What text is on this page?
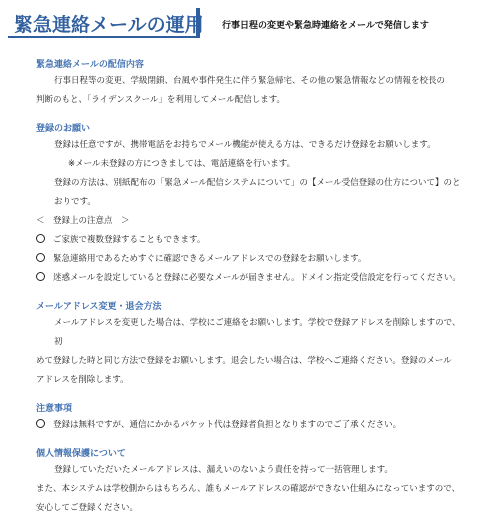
緊急連絡メールの運用 行事日程の変更や緊急時連絡をメールで発信します

緊急連絡メールの配信内容

行事日程等の変更、学級閉鎖、台風や事件発生に伴う緊急帰宅、その他の緊急情報などの情報を校長の

判断のもと、「ライデンスクール」を利用してメール配信します。

登録のお願い

登録は任意ですが、携帯電話をお持ちでメール機能が使える方は、できるだけ登録をお願いします。

※メール未登録の方につきましては、電話連絡を行います。

登録の方法は、別紙配布の「緊急メール配信システムについて」の【メール受信登録の仕方について】のと

おりです。

＜　登録上の注意点　＞

ご家族で複数登録することもできます。
緊急連絡用であるためすぐに確認できるメールアドレスでの登録をお願いします。
迷惑メールを設定していると登録に必要なメールが届きません。ドメイン指定受信設定を行ってください。

メールアドレス変更・退会方法

メールアドレスを変更した場合は、学校にご連絡をお願いします。学校で登録アドレスを削除しますので、初

めて登録した時と同じ方法で登録をお願いします。退会したい場合は、学校へご連絡ください。登録のメール

アドレスを削除します。

注意事項

登録は無料ですが、通信にかかるパケット代は登録者負担となりますのでご了承ください。

個人情報保護について

登録していただいたメールアドレスは、漏えいのないよう責任を持って一括管理します。

また、本システムは学校側からはもちろん、誰もメールアドレスの確認ができない仕組みになっていますので、

安心してご登録ください。
